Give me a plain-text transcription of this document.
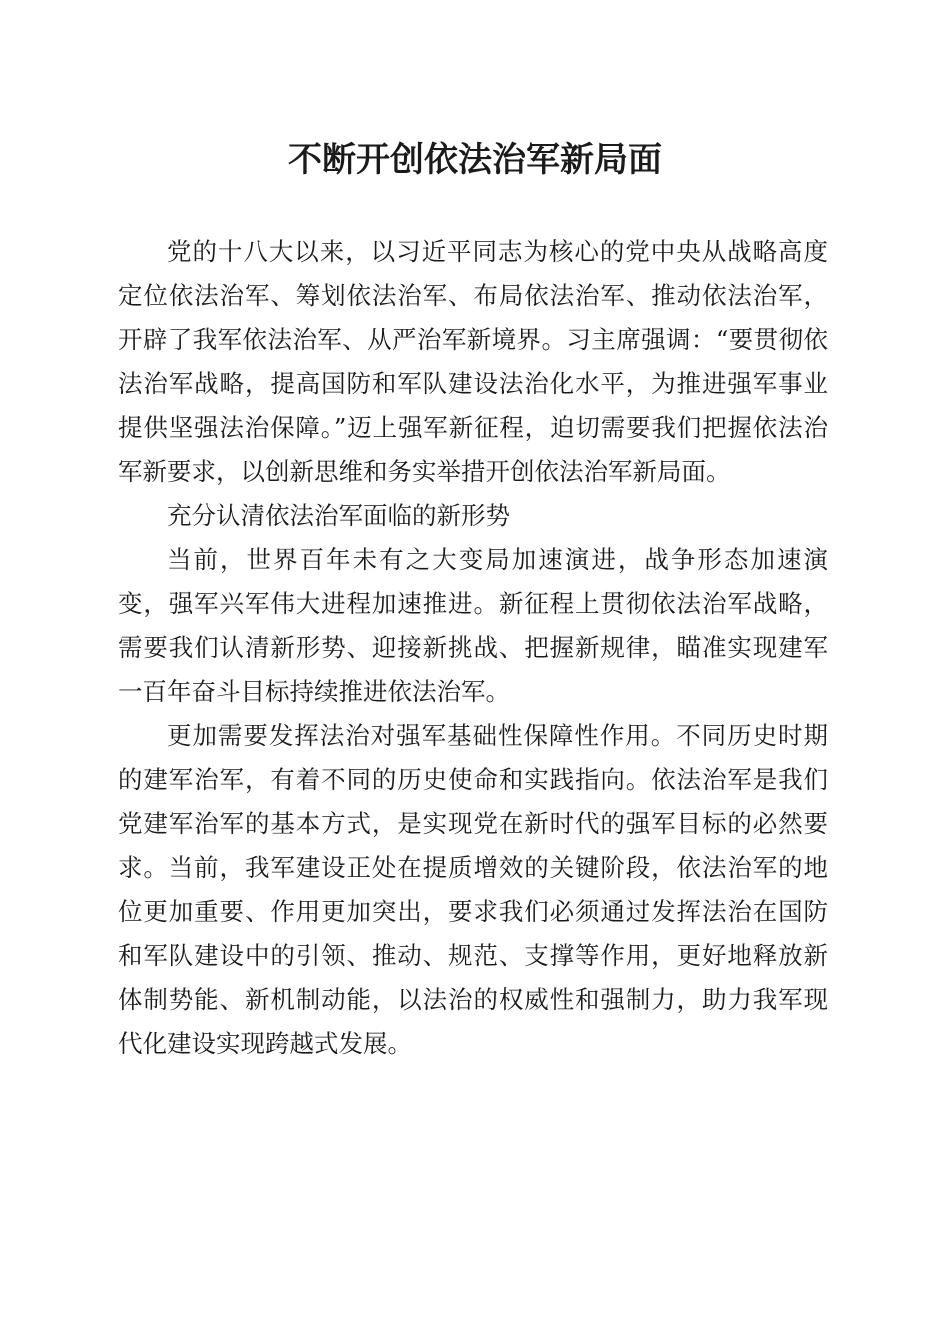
不断开创依法治军新局面

党的十八大以来，以习近平同志为核心的党中央从战略高度定位依法治军、筹划依法治军、布局依法治军、推动依法治军，开辟了我军依法治军、从严治军新境界。习主席强调：“要贯彻依法治军战略，提高国防和军队建设法治化水平，为推进强军事业提供坚强法治保障。”迈上强军新征程，迫切需要我们把握依法治军新要求，以创新思维和务实举措开创依法治军新局面。

充分认清依法治军面临的新形势

当前，世界百年未有之大变局加速演进，战争形态加速演变，强军兴军伟大进程加速推进。新征程上贯彻依法治军战略，需要我们认清新形势、迎接新挑战、把握新规律，瞄准实现建军一百年奋斗目标持续推进依法治军。

更加需要发挥法治对强军基础性保障性作用。不同历史时期的建军治军，有着不同的历史使命和实践指向。依法治军是我们党建军治军的基本方式，是实现党在新时代的强军目标的必然要求。当前，我军建设正处在提质增效的关键阶段，依法治军的地位更加重要、作用更加突出，要求我们必须通过发挥法治在国防和军队建设中的引领、推动、规范、支撑等作用，更好地释放新体制势能、新机制动能，以法治的权威性和强制力，助力我军现代化建设实现跨越式发展。
